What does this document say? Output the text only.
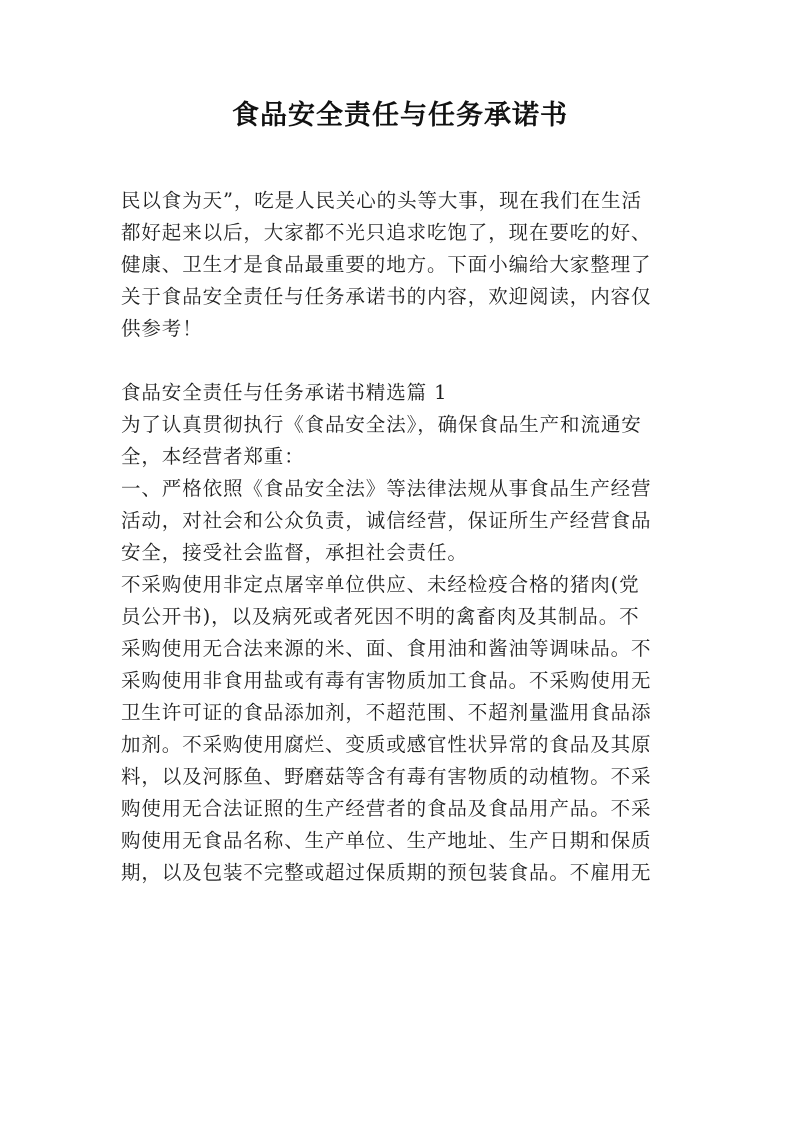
食品安全责任与任务承诺书
民以食为天”，吃是人民关心的头等大事，现在我们在生活
都好起来以后，大家都不光只追求吃饱了，现在要吃的好、
健康、卫生才是食品最重要的地方。下面小编给大家整理了
关于食品安全责任与任务承诺书的内容，欢迎阅读，内容仅
供参考！
食品安全责任与任务承诺书精选篇 1
为了认真贯彻执行《食品安全法》，确保食品生产和流通安
全，本经营者郑重：
一、严格依照《食品安全法》等法律法规从事食品生产经营
活动，对社会和公众负责，诚信经营，保证所生产经营食品
安全，接受社会监督，承担社会责任。
不采购使用非定点屠宰单位供应、未经检疫合格的猪肉(党
员公开书)，以及病死或者死因不明的禽畜肉及其制品。不
采购使用无合法来源的米、面、食用油和酱油等调味品。不
采购使用非食用盐或有毒有害物质加工食品。不采购使用无
卫生许可证的食品添加剂，不超范围、不超剂量滥用食品添
加剂。不采购使用腐烂、变质或感官性状异常的食品及其原
料，以及河豚鱼、野磨菇等含有毒有害物质的动植物。不采
购使用无合法证照的生产经营者的食品及食品用产品。不采
购使用无食品名称、生产单位、生产地址、生产日期和保质
期，以及包装不完整或超过保质期的预包装食品。不雇用无
